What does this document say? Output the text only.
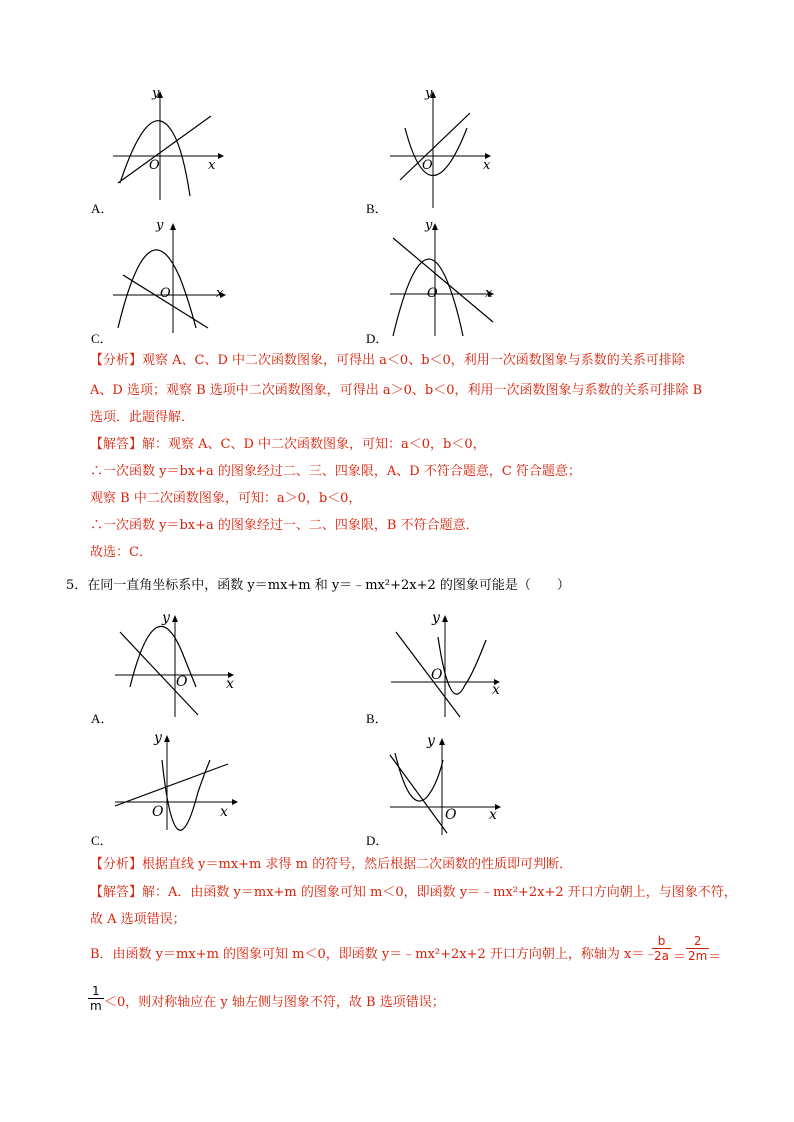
y
x
O
A．
y
x
O
B．
y
x
O
C．
y
x
O
D．
【分析】观察 A、C、D 中二次函数图象，可得出 a＜0、b＜0，利用一次函数图象与系数的关系可排除
A、D 选项；观察 B 选项中二次函数图象，可得出 a＞0、b＜0，利用一次函数图象与系数的关系可排除 B
选项．此题得解．
【解答】解：观察 A、C、D 中二次函数图象，可知：a＜0，b＜0，
∴一次函数 y＝bx+a 的图象经过二、三、四象限，A、D 不符合题意，C 符合题意；
观察 B 中二次函数图象，可知：a＞0，b＜0，
∴一次函数 y＝bx+a 的图象经过一、二、四象限，B 不符合题意．
故选：C．
5．在同一直角坐标系中，函数 y＝mx+m 和 y＝﹣mx²+2x+2 的图象可能是（　　）
y
x
O
A．
y
x
O
B．
y
x
O
C．
y
x
O
D．
【分析】根据直线 y＝mx+m 求得 m 的符号，然后根据二次函数的性质即可判断．
【解答】解：A．由函数 y＝mx+m 的图象可知 m＜0，即函数 y＝﹣mx²+2x+2 开口方向朝上，与图象不符，
故 A 选项错误；
B．由函数 y＝mx+m 的图象可知 m＜0，即函数 y＝﹣mx²+2x+2 开口方向朝上，称轴为 x＝﹣
$\frac{b}{2a} = \frac{2}{2m}$
＝
$\frac{1}{m} <0$，则对称轴应在 y 轴左侧与图象不符，故 B 选项错误；
